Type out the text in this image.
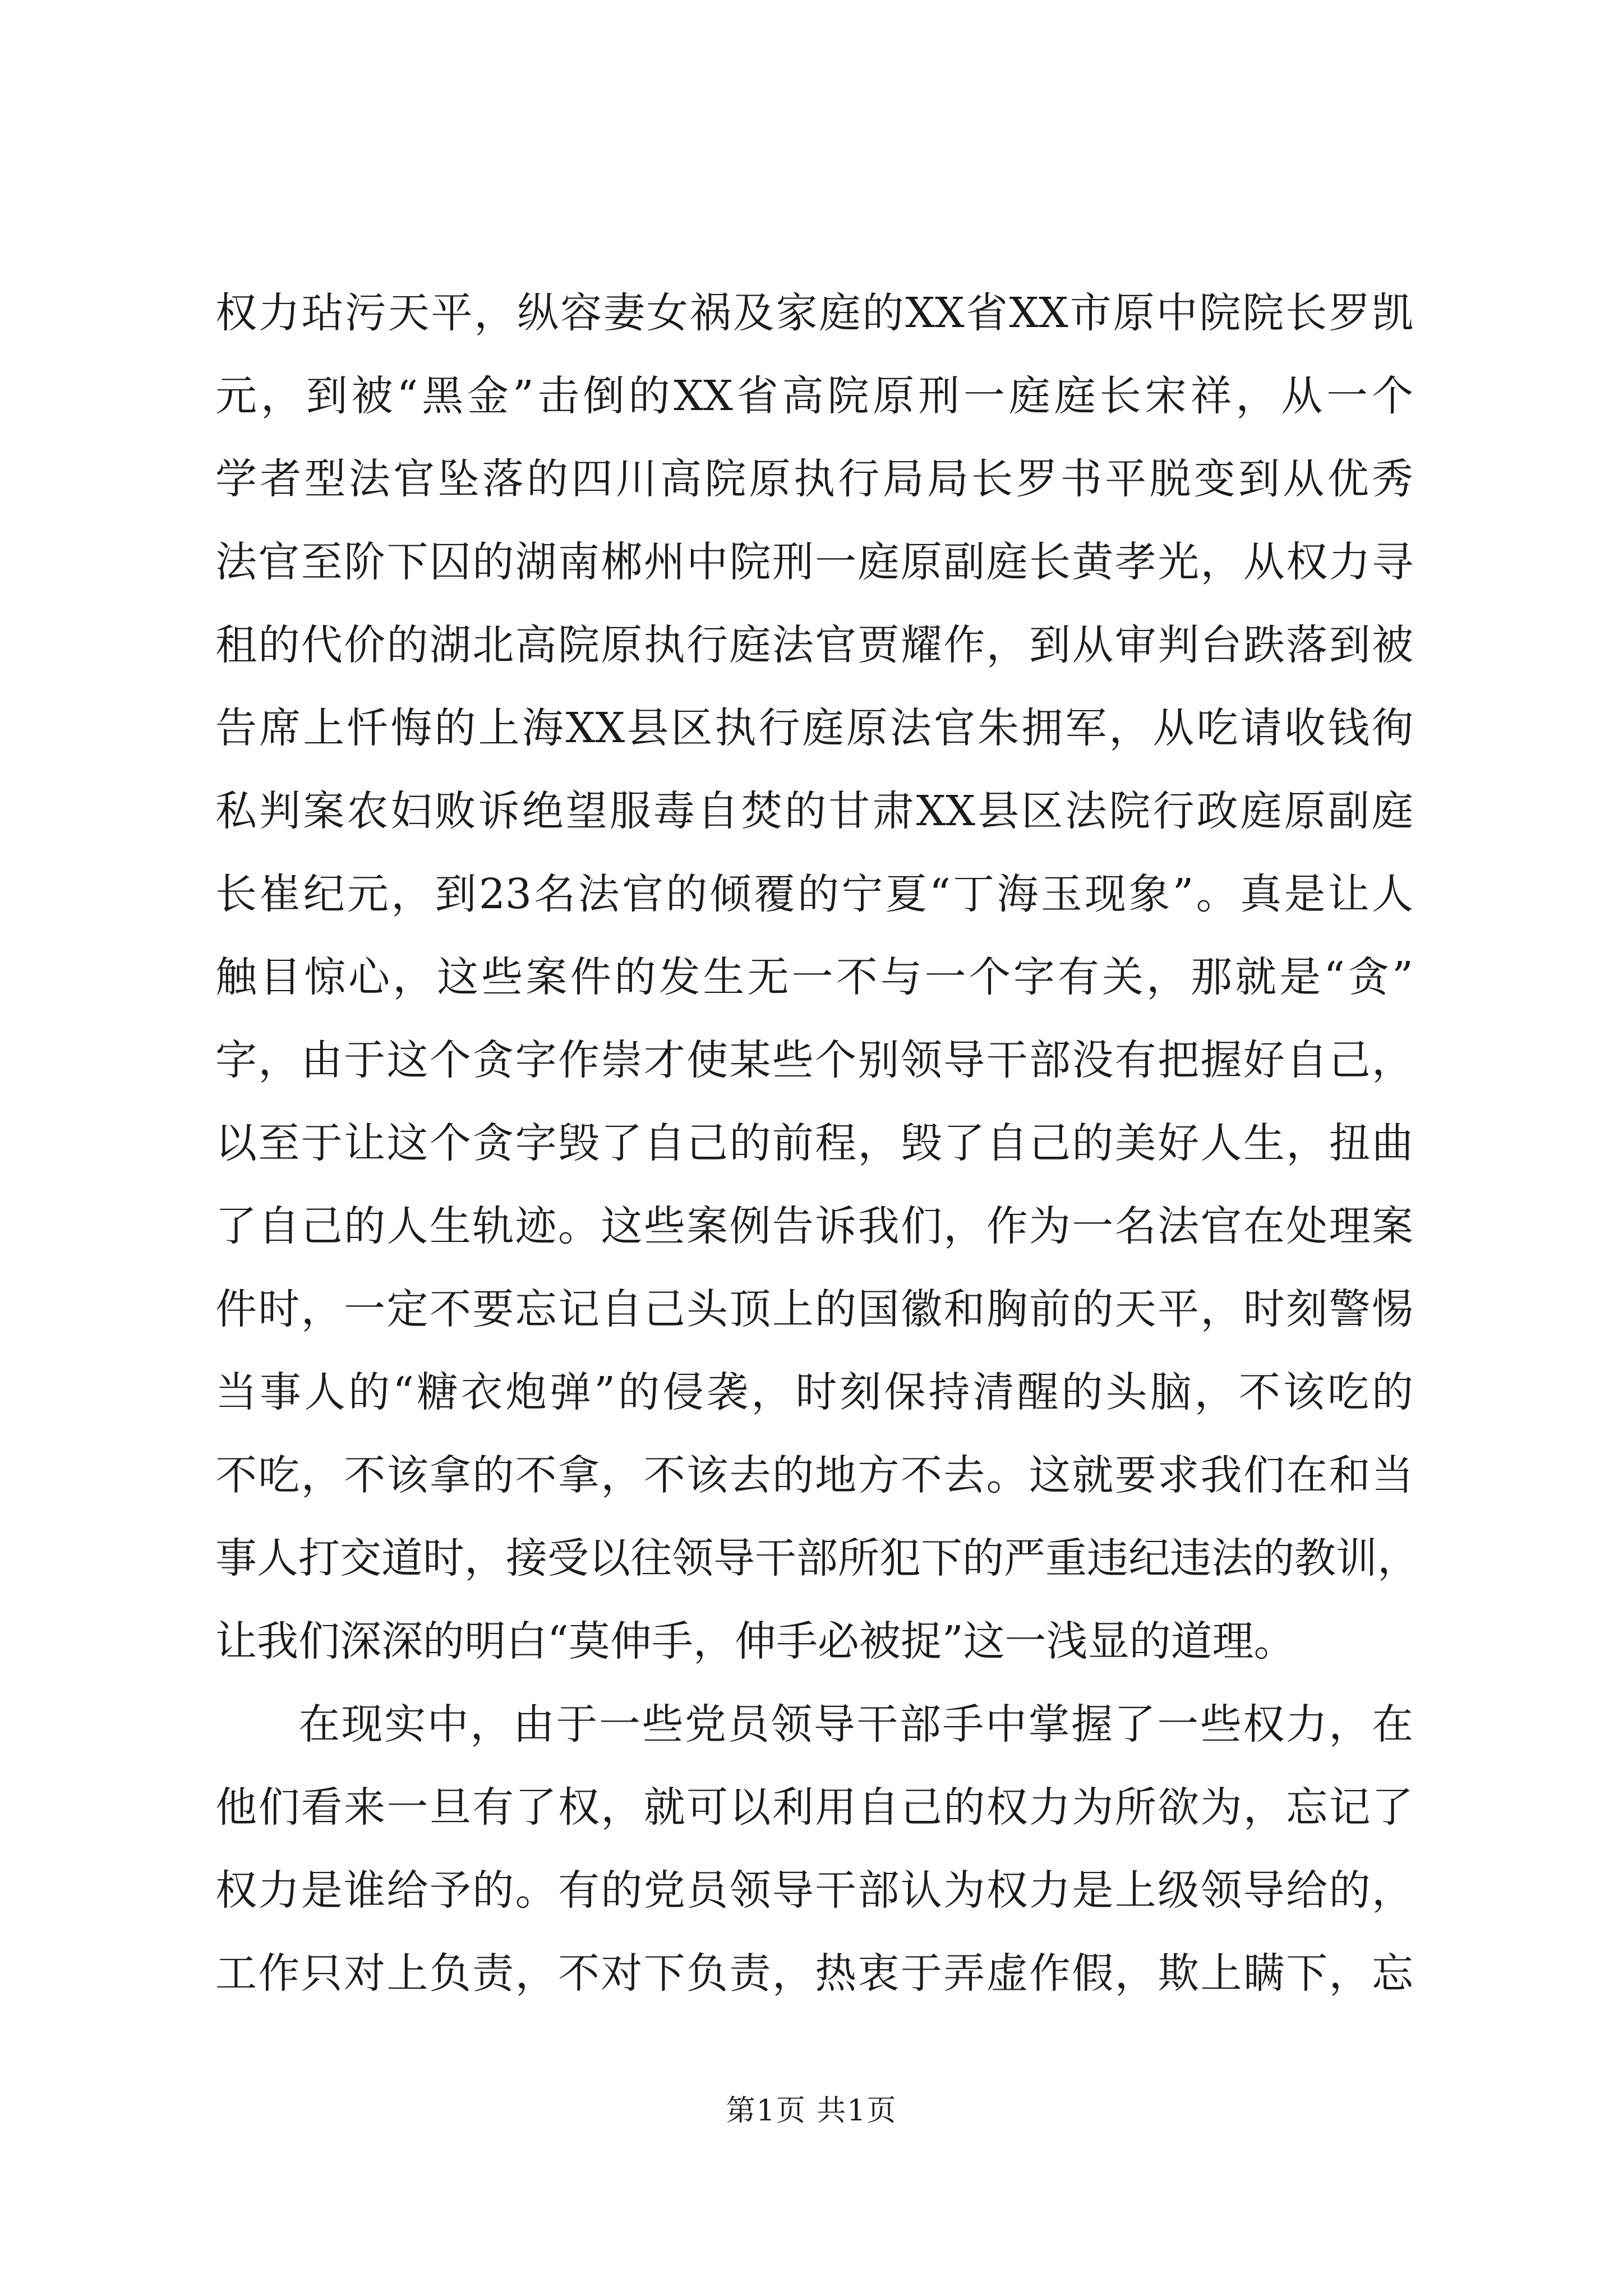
权力玷污天平，纵容妻女祸及家庭的XX省XX市原中院院长罗凯
元，到被“黑金”击倒的XX省高院原刑一庭庭长宋祥，从一个
学者型法官坠落的四川高院原执行局局长罗书平脱变到从优秀
法官至阶下囚的湖南郴州中院刑一庭原副庭长黄孝光，从权力寻
租的代价的湖北高院原执行庭法官贾耀作，到从审判台跌落到被
告席上忏悔的上海XX县区执行庭原法官朱拥军，从吃请收钱徇
私判案农妇败诉绝望服毒自焚的甘肃XX县区法院行政庭原副庭
长崔纪元，到23名法官的倾覆的宁夏“丁海玉现象”。真是让人
触目惊心，这些案件的发生无一不与一个字有关，那就是“贪”
字，由于这个贪字作崇才使某些个别领导干部没有把握好自己，
以至于让这个贪字毁了自己的前程，毁了自己的美好人生，扭曲
了自己的人生轨迹。这些案例告诉我们，作为一名法官在处理案
件时，一定不要忘记自己头顶上的国徽和胸前的天平，时刻警惕
当事人的“糖衣炮弹”的侵袭，时刻保持清醒的头脑，不该吃的
不吃，不该拿的不拿，不该去的地方不去。这就要求我们在和当
事人打交道时，接受以往领导干部所犯下的严重违纪违法的教训，
让我们深深的明白“莫伸手，伸手必被捉”这一浅显的道理。
在现实中，由于一些党员领导干部手中掌握了一些权力，在
他们看来一旦有了权，就可以利用自己的权力为所欲为，忘记了
权力是谁给予的。有的党员领导干部认为权力是上级领导给的，
工作只对上负责，不对下负责，热衷于弄虚作假，欺上瞒下，忘
第1页 共1页
